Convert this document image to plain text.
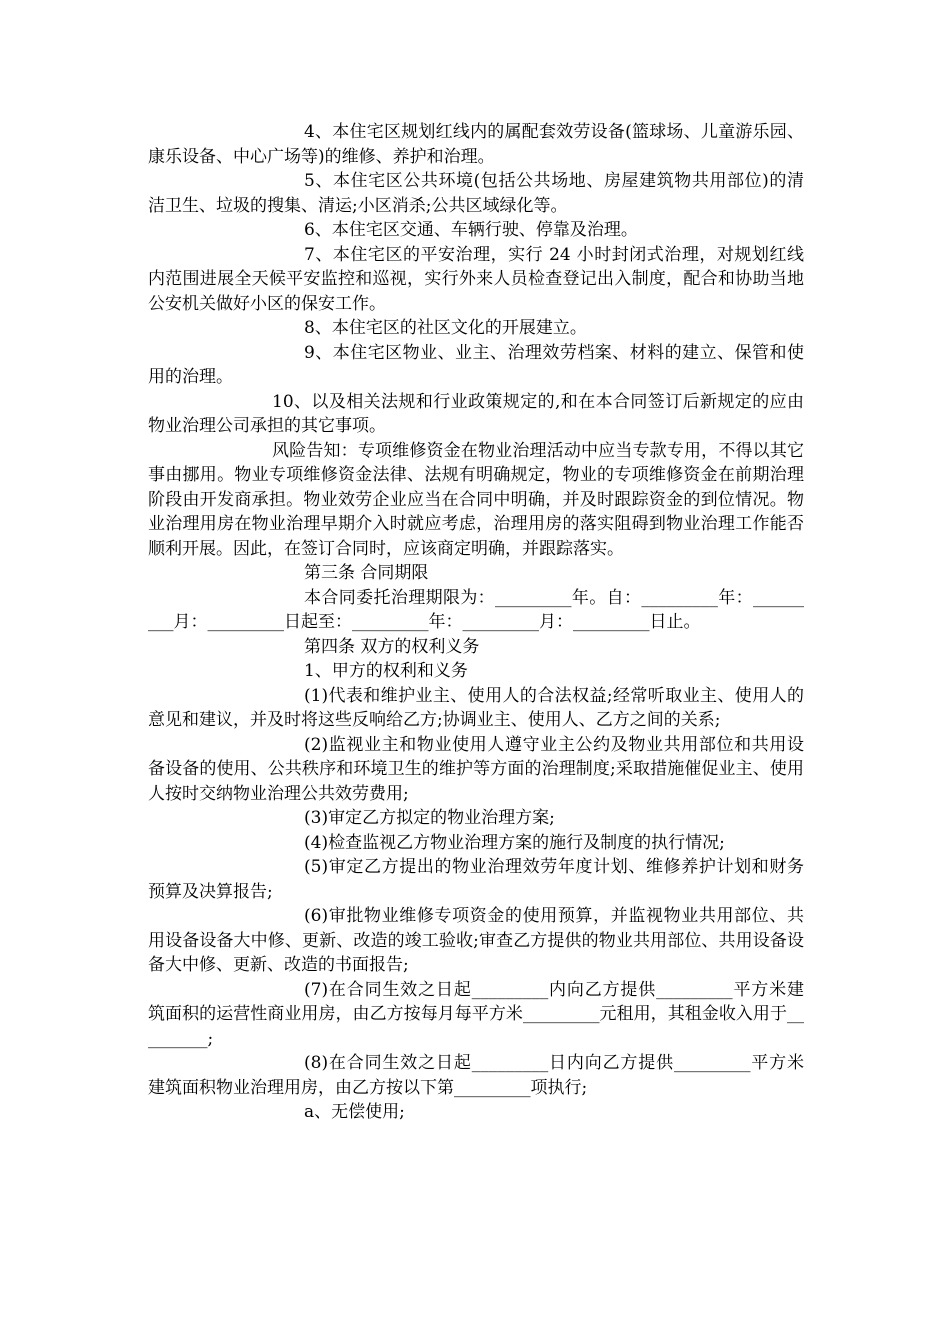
4、本住宅区规划红线内的属配套效劳设备(篮球场、儿童游乐园、康乐设备、中心广场等)的维修、养护和治理。

5、本住宅区公共环境(包括公共场地、房屋建筑物共用部位)的清洁卫生、垃圾的搜集、清运;小区消杀;公共区域绿化等。

6、本住宅区交通、车辆行驶、停靠及治理。

7、本住宅区的平安治理，实行 24 小时封闭式治理，对规划红线内范围进展全天候平安监控和巡视，实行外来人员检查登记出入制度，配合和协助当地公安机关做好小区的保安工作。

8、本住宅区的社区文化的开展建立。

9、本住宅区物业、业主、治理效劳档案、材料的建立、保管和使用的治理。

10、以及相关法规和行业政策规定的,和在本合同签订后新规定的应由物业治理公司承担的其它事项。

风险告知：专项维修资金在物业治理活动中应当专款专用，不得以其它事由挪用。物业专项维修资金法律、法规有明确规定，物业的专项维修资金在前期治理阶段由开发商承担。物业效劳企业应当在合同中明确，并及时跟踪资金的到位情况。物业治理用房在物业治理早期介入时就应考虑，治理用房的落实阻碍到物业治理工作能否顺利开展。因此，在签订合同时，应该商定明确，并跟踪落实。

第三条 合同期限

本合同委托治理期限为：_________年。自：_________年：_________月：_________日起至：_________年：_________月：_________日止。

第四条 双方的权利义务

1、甲方的权利和义务

(1)代表和维护业主、使用人的合法权益;经常听取业主、使用人的意见和建议，并及时将这些反响给乙方;协调业主、使用人、乙方之间的关系;

(2)监视业主和物业使用人遵守业主公约及物业共用部位和共用设备设备的使用、公共秩序和环境卫生的维护等方面的治理制度;采取措施催促业主、使用人按时交纳物业治理公共效劳费用;

(3)审定乙方拟定的物业治理方案;

(4)检查监视乙方物业治理方案的施行及制度的执行情况;

(5)审定乙方提出的物业治理效劳年度计划、维修养护计划和财务预算及决算报告;

(6)审批物业维修专项资金的使用预算，并监视物业共用部位、共用设备设备大中修、更新、改造的竣工验收;审查乙方提供的物业共用部位、共用设备设备大中修、更新、改造的书面报告;

(7)在合同生效之日起_________内向乙方提供_________平方米建筑面积的运营性商业用房，由乙方按每月每平方米_________元租用，其租金收入用于_________;

(8)在合同生效之日起_________日内向乙方提供_________平方米建筑面积物业治理用房，由乙方按以下第_________项执行;

a、无偿使用;
